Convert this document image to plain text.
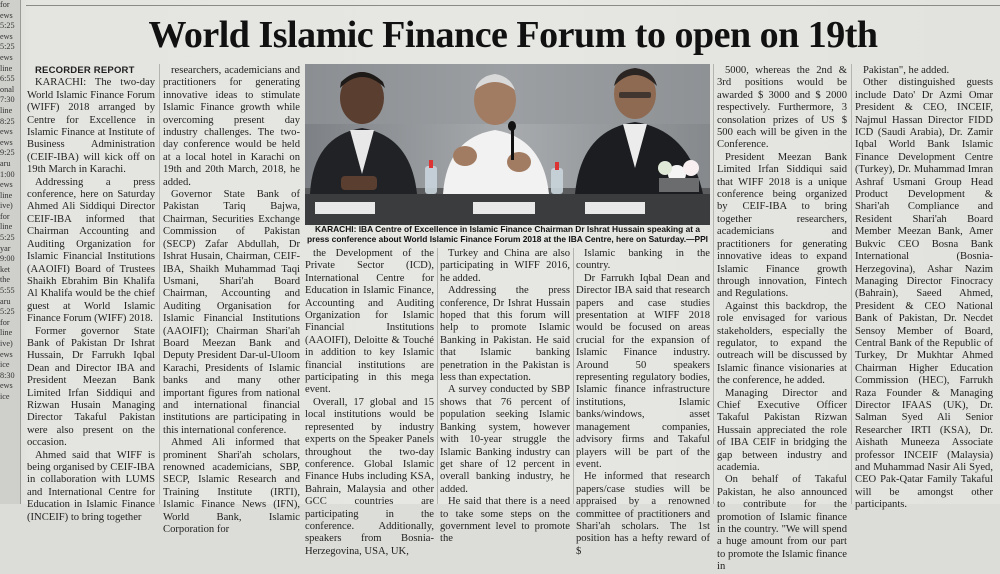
for
ews
5:25
ews
5:25
ews
line
6:55
onal
7:30
line
8:25
ews
ews
9:25
aru
1:00
ews
line
ive)
for
line
5:25
yar
9:00
ket
the
5:55
aru
5:25
for
line
ive)
ews
ice
8:30
ews
ice
World Islamic Finance Forum to open on 19th

RECORDER REPORT

KARACHI: The two-day World Islamic Finance Forum (WIFF) 2018 arranged by Centre for Excellence in Islamic Finance at Institute of Business Administration (CEIF-IBA) will kick off on 19th March in Karachi.

Addressing a press conference, here on Saturday Ahmed Ali Siddiqui Director CEIF-IBA informed that Chairman Accounting and Auditing Organization for Islamic Financial Institutions (AAOIFI) Board of Trustees Shaikh Ebrahim Bin Khalifa Al Khalifa would be the chief guest at World Islamic Finance Forum (WIFF) 2018.

Former governor State Bank of Pakistan Dr Ishrat Hussain, Dr Farrukh Iqbal Dean and Director IBA and President Meezan Bank Limited Irfan Siddiqui and Rizwan Husain Managing Director Takaful Pakistan were also present on the occasion.

Ahmed said that WIFF is being organised by CEIF-IBA in collaboration with LUMS and International Centre for Education in Islamic Finance (INCEIF) to bring together

researchers, academicians and practitioners for generating innovative ideas to stimulate Islamic Finance growth while overcoming present day industry challenges. The two-day conference would be held at a local hotel in Karachi on 19th and 20th March, 2018, he added.

Governor State Bank of Pakistan Tariq Bajwa, Chairman, Securities Exchange Commission of Pakistan (SECP) Zafar Abdullah, Dr Ishrat Husain, Chairman, CEIF- IBA, Shaikh Muhammad Taqi Usmani, Shari'ah Board Chairman, Accounting and Auditing Organisation for Islamic Financial Institutions (AAOIFI); Chairman Shari'ah Board Meezan Bank and Deputy President Dar-ul-Uloom Karachi, Presidents of Islamic banks and many other important figures from national and international financial institutions are participating in this international conference.

Ahmed Ali informed that prominent Shari'ah scholars, renowned academicians, SBP, SECP, Islamic Research and Training Institute (IRTI), Islamic Finance News (IFN), World Bank, Islamic Corporation for

KARACHI: IBA Centre of Excellence in Islamic Finance Chairman Dr Ishrat Hussain speaking at a press conference about World Islamic Finance Forum 2018 at the IBA Centre, here on Saturday.—PPI

the Development of the Private Sector (ICD), International Centre for Education in Islamic Finance, Accounting and Auditing Organization for Islamic Financial Institutions (AAOIFI), Deloitte & Touché in addition to key Islamic financial institutions are participating in this mega event.

Overall, 17 global and 15 local institutions would be represented by industry experts on the Speaker Panels throughout the two-day conference. Global Islamic Finance Hubs including KSA, Bahrain, Malaysia and other GCC countries are participating in the conference. Additionally, speakers from Bosnia-Herzegovina, USA, UK,

Turkey and China are also participating in WIFF 2016, he added.

Addressing the press conference, Dr Ishrat Hussain hoped that this forum will help to promote Islamic Banking in Pakistan. He said that Islamic banking penetration in the Pakistan is less than expectation.

A survey conducted by SBP shows that 76 percent of population seeking Islamic Banking system, however with 10-year struggle the Islamic Banking industry can get share of 12 percent in overall banking industry, he added.

He said that there is a need to take some steps on the government level to promote the

Islamic banking in the country.

Dr Farrukh Iqbal Dean and Director IBA said that research papers and case studies presentation at WIFF 2018 would be focused on areas crucial for the expansion of Islamic Finance industry. Around 50 speakers representing regulatory bodies, Islamic finance infrastructure institutions, Islamic banks/windows, asset management companies, advisory firms and Takaful players will be part of the event.

He informed that research papers/case studies will be appraised by a renowned committee of practitioners and Shari'ah scholars. The 1st position has a hefty reward of $

5000, whereas the 2nd & 3rd positions would be awarded $ 3000 and $ 2000 respectively. Furthermore, 3 consolation prizes of US $ 500 each will be given in the Conference.

President Meezan Bank Limited Irfan Siddiqui said that WIFF 2018 is a unique conference being organized by CEIF-IBA to bring together researchers, academicians and practitioners for generating innovative ideas to expand Islamic Finance growth through innovation, Fintech and Regulations.

Against this backdrop, the role envisaged for various stakeholders, especially the regulator, to expand the outreach will be discussed by Islamic finance visionaries at the conference, he added.

Managing Director and Chief Executive Officer Takaful Pakistan Rizwan Hussain appreciated the role of IBA CEIF in bridging the gap between industry and academia.

On behalf of Takaful Pakistan, he also announced to contribute for the promotion of Islamic finance in the country. "We will spend a huge amount from our part to promote the Islamic finance in

Pakistan", he added.

Other distinguished guests include Dato' Dr Azmi Omar President & CEO, INCEIF, Najmul Hassan Director FIDD ICD (Saudi Arabia), Dr. Zamir Iqbal World Bank Islamic Finance Development Centre (Turkey), Dr. Muhammad Imran Ashraf Usmani Group Head Product Development & Shari'ah Compliance and Resident Shari'ah Board Member Meezan Bank, Amer Bukvic CEO Bosna Bank International (Bosnia-Herzegovina), Ashar Nazim Managing Director Finocracy (Bahrain), Saeed Ahmed, President & CEO National Bank of Pakistan, Dr. Necdet Sensoy Member of Board, Central Bank of the Republic of Turkey, Dr Mukhtar Ahmed Chairman Higher Education Commission (HEC), Farrukh Raza Founder & Managing Director IFAAS (UK), Dr. Salman Syed Ali Senior Researcher IRTI (KSA), Dr. Aishath Muneeza Associate professor INCEIF (Malaysia) and Muhammad Nasir Ali Syed, CEO Pak-Qatar Family Takaful will be amongst other participants.
